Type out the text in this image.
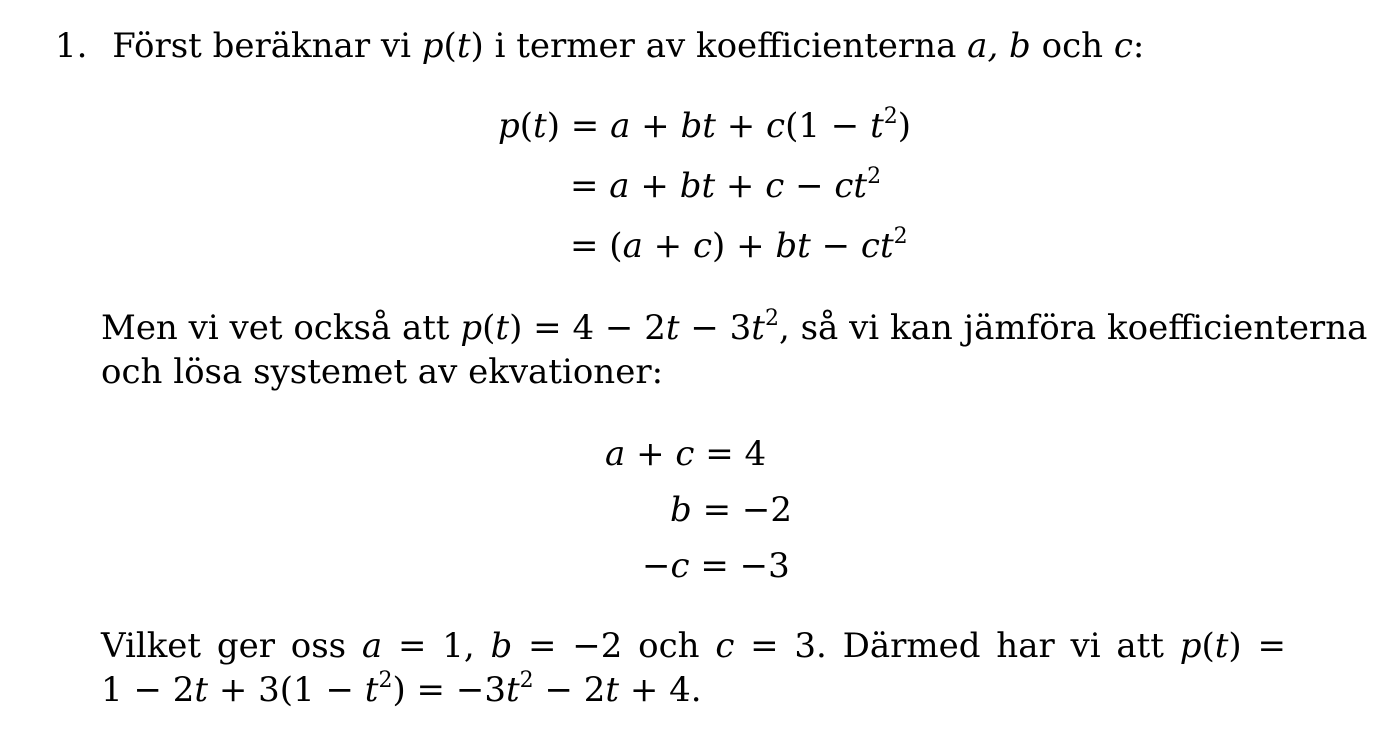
1. Först beräknar vi p(t) i termer av koefficienterna a, b och c:
p(t) = a + bt + $c(1 - t^2)$
= a + bt + $c - ct^2$
= (a + c) + bt − $ct^2$
Men vi vet också att $p(t) = 4 - 2t - 3t^2$, så vi kan jämföra koefficienterna
och lösa systemet av ekvationer:
a + c = 4
b = −2
−c = −3
Vilket ger oss a = 1, b = −2 och c = 3. Därmed har vi att p(t) =
$1 - 2t + 3(1 - t^2) = -3t^2 - 2t + 4$.
